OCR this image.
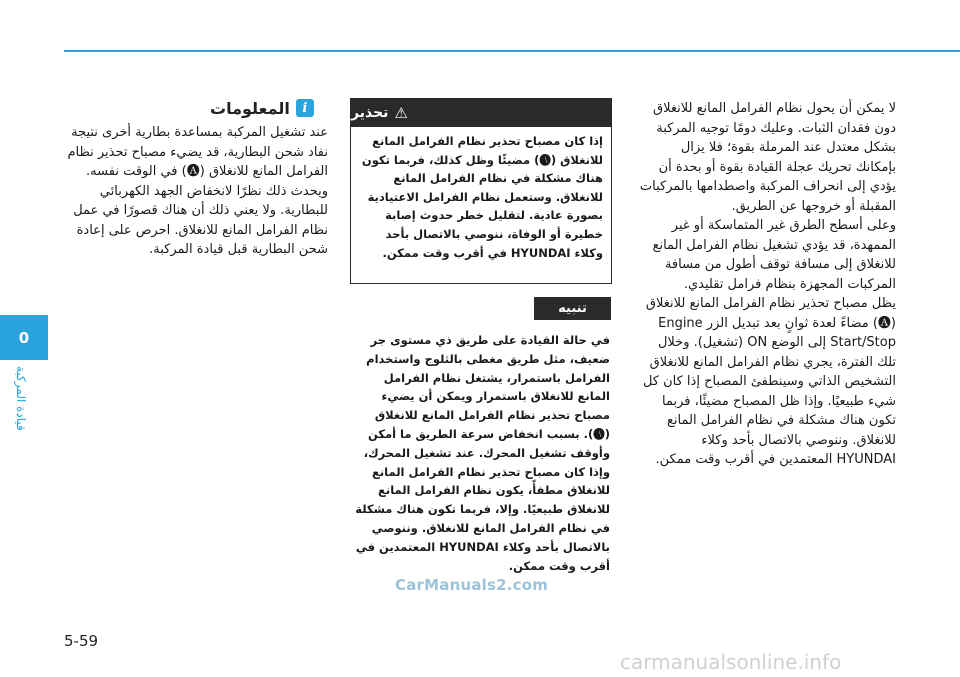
0
قيادة المركبة

لا يمكن أن يحول نظام الفرامل المانع للانغلاق دون فقدان الثبات. وعليك دومًا توجيه المركبة بشكل معتدل عند المرملة بقوة؛ فلا يزال بإمكانك تحريك عجلة القيادة بقوة أو بحدة أن يؤدي إلى انحراف المركبة واصطدامها بالمركبات المقبلة أو خروجها عن الطريق.

وعلى أسطح الطرق غير المتماسكة أو غير الممهدة، قد يؤدي تشغيل نظام الفرامل المانع للانغلاق إلى مسافة توقف أطول من مسافة المركبات المجهزة بنظام فرامل تقليدي.

يظل مصباح تحذير نظام الفرامل المانع للانغلاق (🅐) مضاءً لعدة ثوانٍ بعد تبديل الزر Engine Start/Stop إلى الوضع ON (تشغيل). وخلال تلك الفترة، يجري نظام الفرامل المانع للانغلاق التشخيص الذاتي وسينطفئ المصباح إذا كان كل شيء طبيعيًا. وإذا ظل المصباح مضيئًا، فربما تكون هناك مشكلة في نظام الفرامل المانع للانغلاق. وننوصي بالاتصال بأحد وكلاء HYUNDAI المعتمدين في أقرب وقت ممكن.

⚠
تحذير
إذا كان مصباح تحذير نظام الفرامل المانع للانغلاق (🅐) مضيئًا وظل كذلك، فربما تكون هناك مشكلة في نظام الفرامل المانع للانغلاق. وستعمل نظام الفرامل الاعتيادية بصورة عادية. لتقليل خطر حدوث إصابة خطيرة أو الوفاة، ننوصي بالاتصال بأحد وكلاء HYUNDAI في أقرب وقت ممكن.
تنبيه
في حالة القيادة على طريق ذي مستوى جر ضعيف، مثل طريق مغطى بالثلوج واستخدام الفرامل باستمرار، يشتغل نظام الفرامل المانع للانغلاق باستمرار ويمكن أن يضيء مصباح تحذير نظام الفرامل المانع للانغلاق (🅐). بسبب انخفاض سرعة الطريق ما أمكن وأوقف تشغيل المحرك. عند تشغيل المحرك، وإذا كان مصباح تحذير نظام الفرامل المانع للانغلاق مطفأً، يكون نظام الفرامل المانع للانغلاق طبيعيًا. وإلا، فربما تكون هناك مشكلة في نظام الفرامل المانع للانغلاق. وننوصي بالاتصال بأحد وكلاء HYUNDAI المعتمدين في أقرب وقت ممكن.
i
المعلومات
عند تشغيل المركبة بمساعدة بطارية أخرى نتيجة نفاد شحن البطارية، قد يضيء مصباح تحذير نظام الفرامل المانع للانغلاق (🅐) في الوقت نفسه. ويحدث ذلك نظرًا لانخفاض الجهد الكهربائي للبطارية. ولا يعني ذلك أن هناك قصورًا في عمل نظام الفرامل المانع للانغلاق. احرص على إعادة شحن البطارية قبل قيادة المركبة.
5-59
CarManuals2.com
carmanualsonline.info
